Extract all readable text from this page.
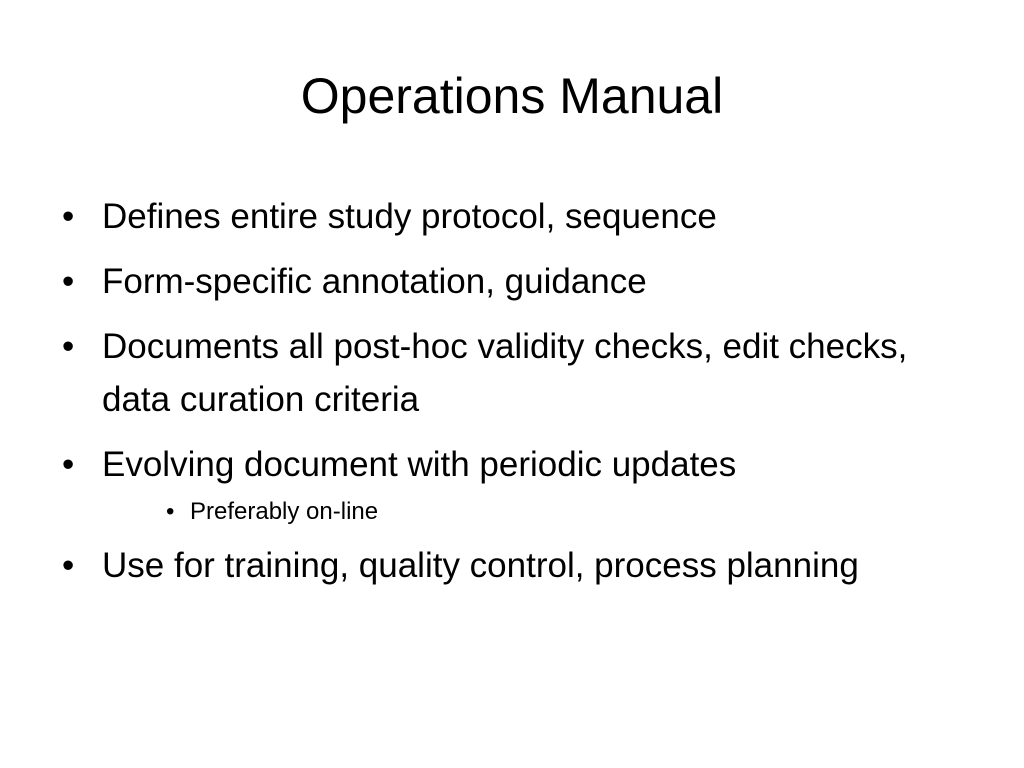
Operations Manual
• Defines entire study protocol, sequence
• Form-specific annotation, guidance
• Documents all post-hoc validity checks, edit checks, data curation criteria
• Evolving document with periodic updates
• Preferably on-line
• Use for training, quality control, process planning
